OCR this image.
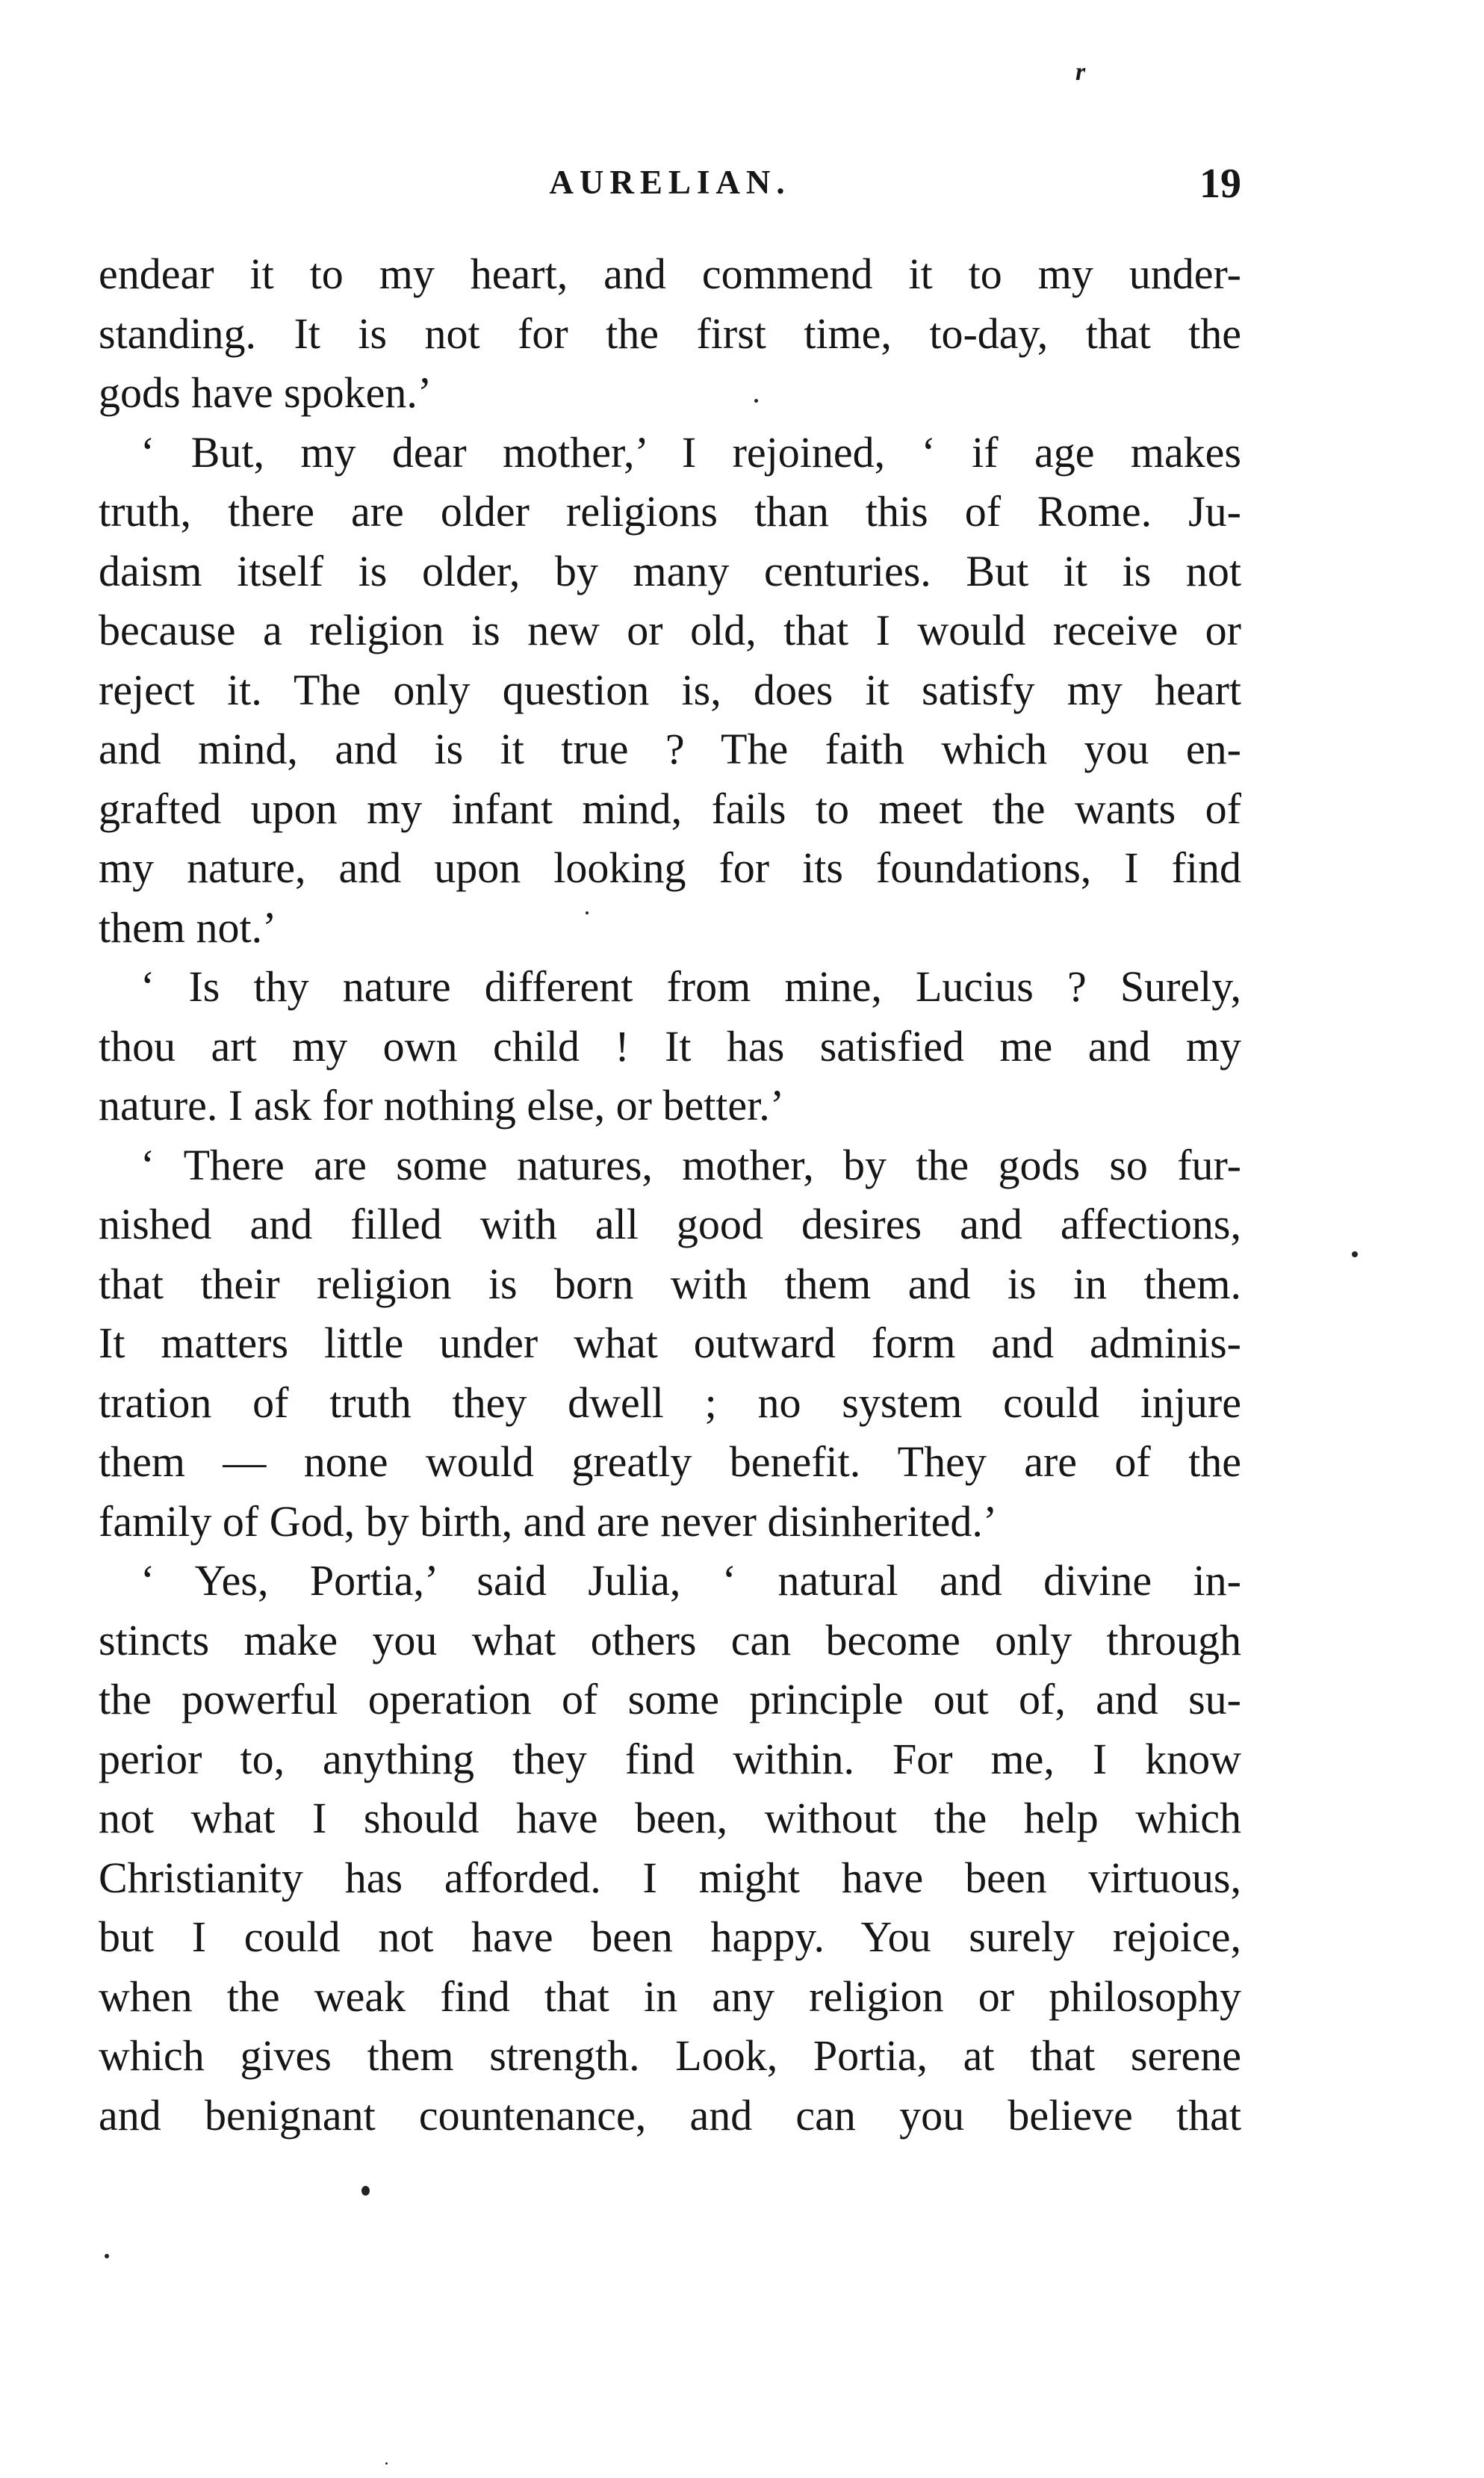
r
AURELIAN.	19
endear it to my heart, and commend it to my under-
standing. It is not for the first time, to-day, that the
gods have spoken.’
‘ But, my dear mother,’ I rejoined, ‘ if age makes
truth, there are older religions than this of Rome. Ju-
daism itself is older, by many centuries. But it is not
because a religion is new or old, that I would receive or
reject it. The only question is, does it satisfy my heart
and mind, and is it true ? The faith which you en-
grafted upon my infant mind, fails to meet the wants of
my nature, and upon looking for its foundations, I find
them not.’
‘ Is thy nature different from mine, Lucius ? Surely,
thou art my own child ! It has satisfied me and my
nature. I ask for nothing else, or better.’
‘ There are some natures, mother, by the gods so fur-
nished and filled with all good desires and affections,
that their religion is born with them and is in them.
It matters little under what outward form and adminis-
tration of truth they dwell ; no system could injure
them — none would greatly benefit. They are of the
family of God, by birth, and are never disinherited.’
‘ Yes, Portia,’ said Julia, ‘ natural and divine in-
stincts make you what others can become only through
the powerful operation of some principle out of, and su-
perior to, anything they find within. For me, I know
not what I should have been, without the help which
Christianity has afforded. I might have been virtuous,
but I could not have been happy. You surely rejoice,
when the weak find that in any religion or philosophy
which gives them strength. Look, Portia, at that serene
and benignant countenance, and can you believe that
